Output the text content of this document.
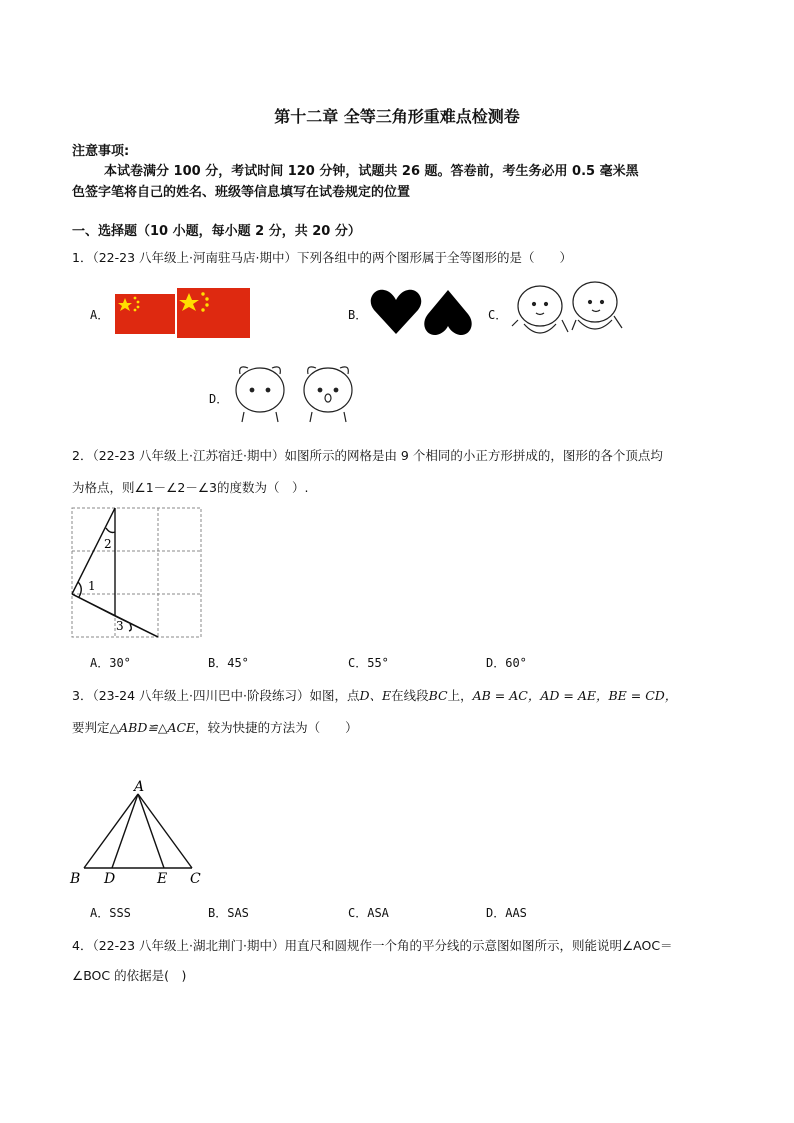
第十二章 全等三角形重难点检测卷
注意事项:
本试卷满分 100 分，考试时间 120 分钟，试题共 26 题。答卷前，考生务必用 0.5 毫米黑
色签字笔将自己的姓名、班级等信息填写在试卷规定的位置
一、选择题（10 小题，每小题 2 分，共 20 分）
1．（22-23 八年级上·河南驻马店·期中）下列各组中的两个图形属于全等图形的是（　　）
A．	B．	C．
D．
2．（22-23 八年级上·江苏宿迁·期中）如图所示的网格是由 9 个相同的小正方形拼成的，图形的各个顶点均
为格点，则∠1－∠2－∠3的度数为（　）.
2
1
3
A．30°	B．45°	C．55°	D．60°
3．（23-24 八年级上·四川巴中·阶段练习）如图，点D、E在线段BC上，AB = AC，AD = AE，BE = CD，
要判定△ABD≌△ACE，较为快捷的方法为（　　）
A
B D	E C
A．SSS	B．SAS	C．ASA	D．AAS
4．（22-23 八年级上·湖北荆门·期中）用直尺和圆规作一个角的平分线的示意图如图所示，则能说明∠AOC＝
∠BOC 的依据是(　)
